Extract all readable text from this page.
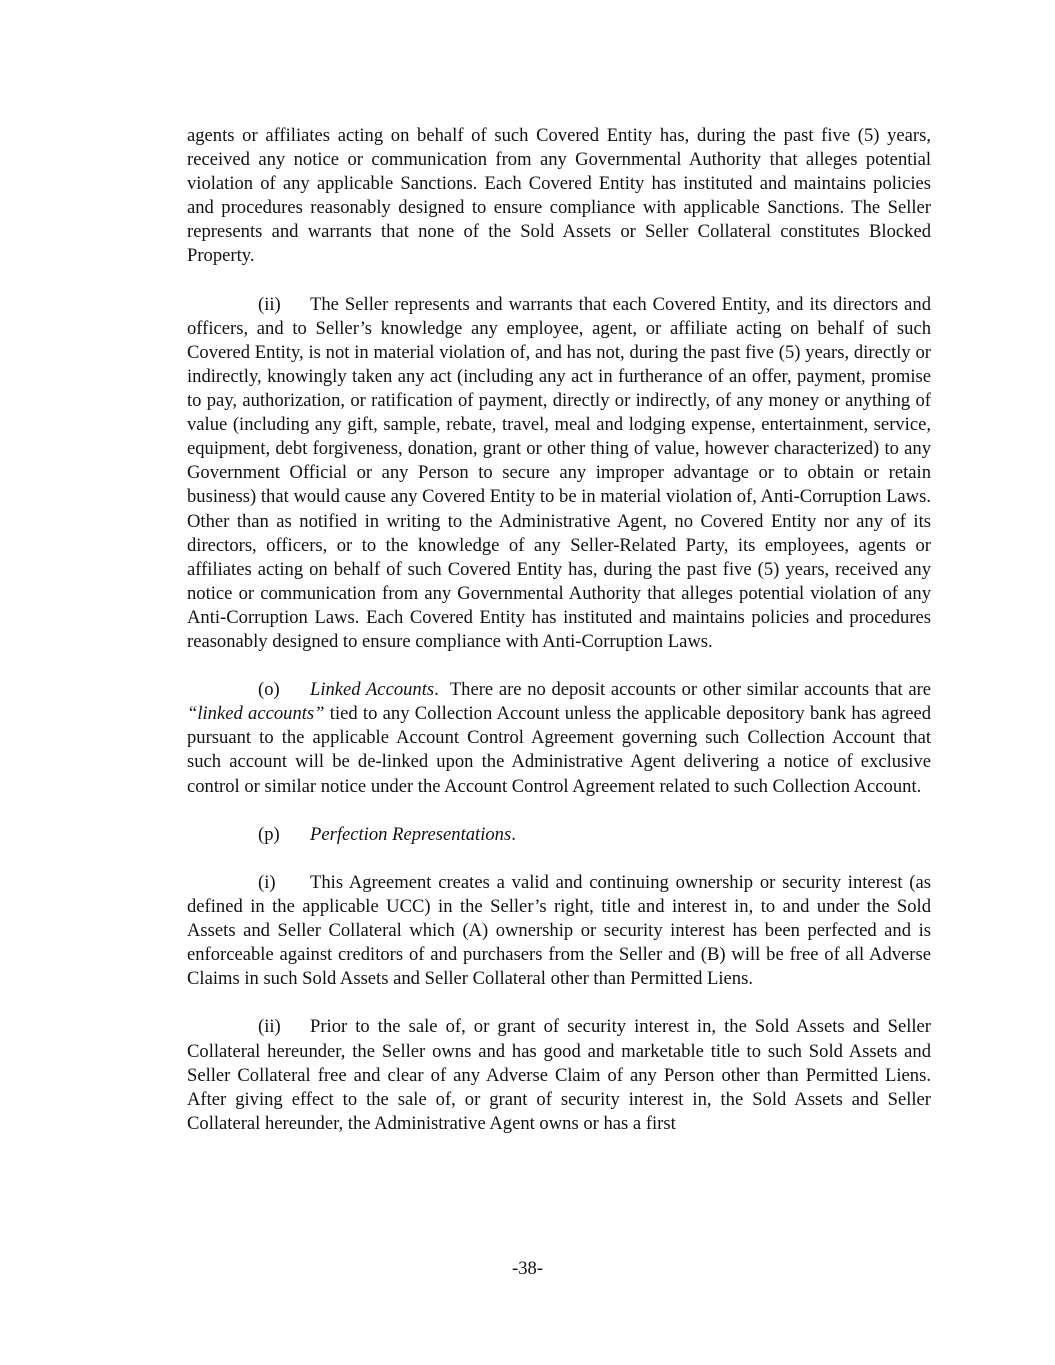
agents or affiliates acting on behalf of such Covered Entity has, during the past five (5) years, received any notice or communication from any Governmental Authority that alleges potential violation of any applicable Sanctions. Each Covered Entity has instituted and maintains policies and procedures reasonably designed to ensure compliance with applicable Sanctions. The Seller represents and warrants that none of the Sold Assets or Seller Collateral constitutes Blocked Property.

(ii) The Seller represents and warrants that each Covered Entity, and its directors and officers, and to Seller’s knowledge any employee, agent, or affiliate acting on behalf of such Covered Entity, is not in material violation of, and has not, during the past five (5) years, directly or indirectly, knowingly taken any act (including any act in furtherance of an offer, payment, promise to pay, authorization, or ratification of payment, directly or indirectly, of any money or anything of value (including any gift, sample, rebate, travel, meal and lodging expense, entertainment, service, equipment, debt forgiveness, donation, grant or other thing of value, however characterized) to any Government Official or any Person to secure any improper advantage or to obtain or retain business) that would cause any Covered Entity to be in material violation of, Anti-Corruption Laws. Other than as notified in writing to the Administrative Agent, no Covered Entity nor any of its directors, officers, or to the knowledge of any Seller-Related Party, its employees, agents or affiliates acting on behalf of such Covered Entity has, during the past five (5) years, received any notice or communication from any Governmental Authority that alleges potential violation of any Anti-Corruption Laws. Each Covered Entity has instituted and maintains policies and procedures reasonably designed to ensure compliance with Anti-Corruption Laws.

(o) Linked Accounts.  There are no deposit accounts or other similar accounts that are “linked accounts” tied to any Collection Account unless the applicable depository bank has agreed pursuant to the applicable Account Control Agreement governing such Collection Account that such account will be de-linked upon the Administrative Agent delivering a notice of exclusive control or similar notice under the Account Control Agreement related to such Collection Account.

(p) Perfection Representations.

(i) This Agreement creates a valid and continuing ownership or security interest (as defined in the applicable UCC) in the Seller’s right, title and interest in, to and under the Sold Assets and Seller Collateral which (A) ownership or security interest has been perfected and is enforceable against creditors of and purchasers from the Seller and (B) will be free of all Adverse Claims in such Sold Assets and Seller Collateral other than Permitted Liens.

(ii) Prior to the sale of, or grant of security interest in, the Sold Assets and Seller Collateral hereunder, the Seller owns and has good and marketable title to such Sold Assets and Seller Collateral free and clear of any Adverse Claim of any Person other than Permitted Liens. After giving effect to the sale of, or grant of security interest in, the Sold Assets and Seller Collateral hereunder, the Administrative Agent owns or has a first

-38-
